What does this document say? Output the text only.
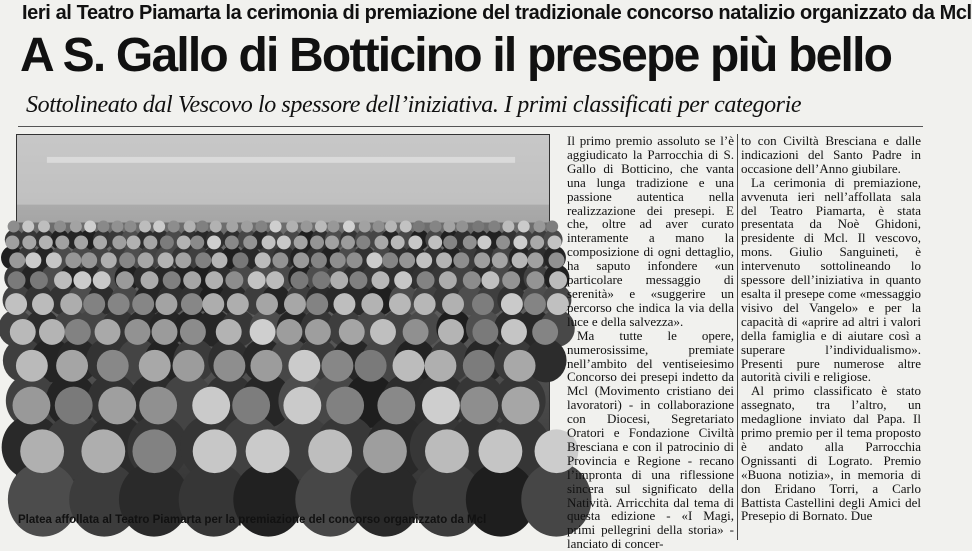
Ieri al Teatro Piamarta la cerimonia di premiazione del tradizionale concorso natalizio organizzato da Mcl
A S. Gallo di Botticino il presepe più bello
Sottolineato dal Vescovo lo spessore dell’iniziativa. I primi classificati per categorie
Platea affollata al Teatro Piamarta per la premiazione del concorso organizzato da Mcl

Il primo premio assoluto se l’è aggiudicato la Parrocchia di S. Gallo di Botticino, che vanta una lunga tradizione e una passione autentica nella realizzazione dei presepi. E che, oltre ad aver curato interamente a mano la composizione di ogni dettaglio, ha saputo infondere «un particolare messaggio di serenità» e «suggerire un percorso che indica la via della luce e della salvezza».

Ma tutte le opere, numerosissime, premiate nell’ambito del ventiseiesimo Concorso dei presepi indetto da Mcl (Movimento cristiano dei lavoratori) - in collaborazione con Diocesi, Segretariato Oratori e Fondazione Civiltà Bresciana e con il patrocinio di Provincia e Regione - recano l’impronta di una riflessione sincera sul significato della Natività. Arricchita dal tema di questa edizione - «I Magi, primi pellegrini della storia» - lanciato di concer-

to con Civiltà Bresciana e dalle indicazioni del Santo Padre in occasione dell’Anno giubilare.

La cerimonia di premiazione, avvenuta ieri nell’affollata sala del Teatro Piamarta, è stata presentata da Noè Ghidoni, presidente di Mcl. Il vescovo, mons. Giulio Sanguineti, è intervenuto sottolineando lo spessore dell’iniziativa in quanto esalta il presepe come «messaggio visivo del Vangelo» e per la capacità di «aprire ad altri i valori della famiglia e di aiutare così a superare l’individualismo». Presenti pure numerose altre autorità civili e religiose.

Al primo classificato è stato assegnato, tra l’altro, un medaglione inviato dal Papa. Il primo premio per il tema proposto è andato alla Parrocchia Ognissanti di Lograto. Premio «Buona notizia», in memoria di don Eridano Torri, a Carlo Battista Castellini degli Amici del Presepio di Bornato. Due
